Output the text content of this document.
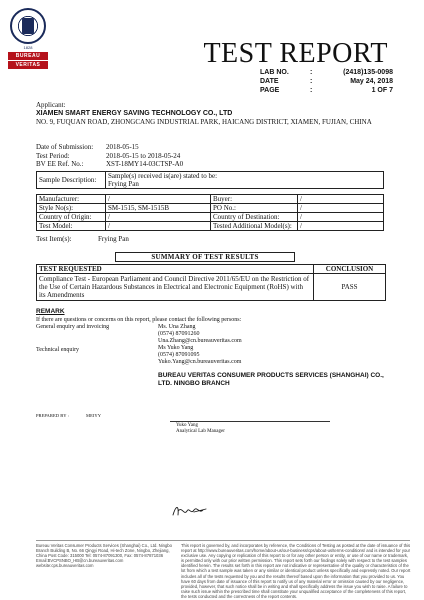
1828
BUREAU
VERITAS	TEST REPORT
LAB NO.	:	(2418)135-0098
DATE	:	May 24, 2018
PAGE	:	1 OF 7
Applicant:
XIAMEN SMART ENERGY SAVING TECHNOLOGY CO., LTD
NO. 9, FUQUAN ROAD, ZHONGCANG INDUSTRIAL PARK, HAICANG DISTRICT, XIAMEN, FUJIAN, CHINA
Date of Submission:	2018-05-15
Test Period:	2018-05-15 to 2018-05-24
BV EE Ref. No.:	XST-18MY14-03CTSP-A0
Sample Description:	Sample(s) received is(are) stated to be:
Frying Pan
Manufacturer:	/	Buyer:	/
Style No(s):	SM-1515, SM-1515B	PO No.:	/
Country of Origin:	/	Country of Destination:	/
Test Model:	/	Tested Additional Model(s):	/
Test Item(s):	Frying Pan
SUMMARY OF TEST RESULTS
TEST REQUESTED	CONCLUSION
Compliance Test - European Parliament and Council Directive 2011/65/EU on the Restriction of the Use of Certain Hazardous Substances in Electrical and Electronic Equipment (RoHS) with its Amendments	PASS
REMARK
If there are questions or concerns on this report, please contact the following persons:
General enquiry and invoicing	Ms. Una Zhang
(0574) 87091260
Una.Zhang@cn.bureauveritas.com
Technical enquiry	Ms Yuko Yang
(0574) 87091095
Yuko.Yang@cn.bureauveritas.com
BUREAU VERITAS CONSUMER PRODUCTS SERVICES (SHANGHAI) CO., LTD. NINGBO BRANCH
PREPARED BY :	MEIYY
Yuko Yang
Analytical Lab Manager
Bureau Veritas Consumer Products Services (Shanghai) Co., Ltd. Ningbo Branch Building B, No. 66 Qingyi Road, Hi-tech Zone, Ningbo, Zhejiang, China Post Code: 315000 Tel: 0574-87091300, Fax: 0574-87871036 Email:BVCPSNBO_HB@cn.bureauveritas.com website:cps.bureauveritas.com
This report is governed by, and incorporates by reference, the Conditions of Testing as posted at the date of issuance of this report at http://www.bureauveritas.com/home/about-us/our-business/cps/about-us/terms-conditions/ and is intended for your exclusive use. Any copying or replication of this report to or for any other person or entity, or use of our name or trademark, is permitted only with our prior written permission. This report sets forth our findings solely with respect to the test samples identified herein. The results set forth in this report are not indicative or representative of the quality or characteristics of the lot from which a test sample was taken or any similar or identical product unless specifically and expressly noted. Our report includes all of the tests requested by you and the results thereof based upon the information that you provided to us. You have 60 days from date of issuance of this report to notify us of any material error or omission caused by our negligence, provided, however, that such notice shall be in writing and shall specifically address the issue you wish to raise. A failure to raise such issue within the prescribed time shall constitute your unqualified acceptance of the completeness of this report, the tests conducted and the correctness of the report contents.
